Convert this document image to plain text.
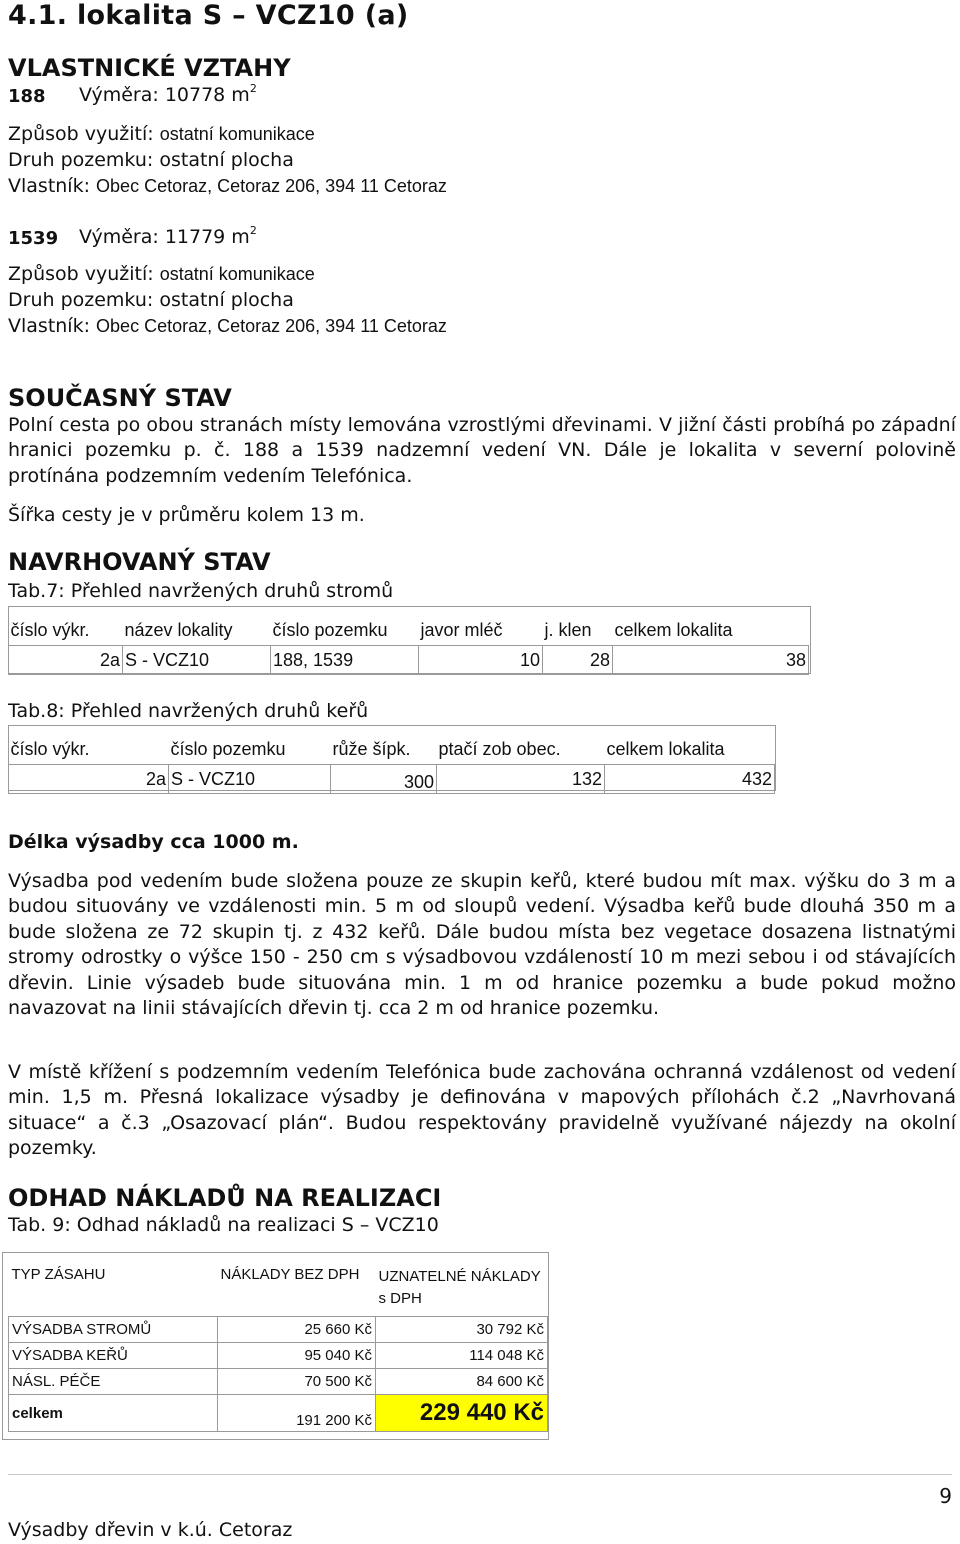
4.1. lokalita S – VCZ10 (a)
VLASTNICKÉ VZTAHY
188 Výměra: 10778 $m^2$
Způsob využití: ostatní komunikace
Druh pozemku: ostatní plocha
Vlastník: Obec Cetoraz, Cetoraz 206, 394 11 Cetoraz
1539 Výměra: 11779 $m^2$
Způsob využití: ostatní komunikace
Druh pozemku: ostatní plocha
Vlastník: Obec Cetoraz, Cetoraz 206, 394 11 Cetoraz
SOUČASNÝ STAV
Polní cesta po obou stranách místy lemována vzrostlými dřevinami. V jižní části probíhá po západní hranici pozemku p. č. 188 a 1539 nadzemní vedení VN. Dále je lokalita v severní polovině protínána podzemním vedením Telefónica.
Šířka cesty je v průměru kolem 13 m.
NAVRHOVANÝ STAV
Tab.7: Přehled navržených druhů stromů
číslo výkr.	název lokality	číslo pozemku	javor mléč	j. klen	celkem lokalita
2a	S - VCZ10	188, 1539	10	28	38
Tab.8: Přehled navržených druhů keřů
číslo výkr.	číslo pozemku	růže šípk.	ptačí zob obec.	celkem lokalita
2a	S - VCZ10	300	132	432
Délka výsadby cca 1000 m.
Výsadba pod vedením bude složena pouze ze skupin keřů, které budou mít max. výšku do 3 m a budou situovány ve vzdálenosti min. 5 m od sloupů vedení. Výsadba keřů bude dlouhá 350 m a bude složena ze 72 skupin tj. z 432 keřů. Dále budou místa bez vegetace dosazena listnatými stromy odrostky o výšce 150 - 250 cm s výsadbovou vzdáleností 10 m mezi sebou i od stávajících dřevin. Linie výsadeb bude situována min. 1 m od hranice pozemku a bude pokud možno navazovat na linii stávajících dřevin tj. cca 2 m od hranice pozemku.
V místě křížení s podzemním vedením Telefónica bude zachována ochranná vzdálenost od vedení min. 1,5 m. Přesná lokalizace výsadby je definována v mapových přílohách č.2 „Navrhovaná situace“ a č.3 „Osazovací plán“. Budou respektovány pravidelně využívané nájezdy na okolní pozemky.
ODHAD NÁKLADŮ NA REALIZACI
Tab. 9: Odhad nákladů na realizaci S – VCZ10
TYP ZÁSAHU	NÁKLADY BEZ DPH	UZNATELNÉ NÁKLADY s DPH
VÝSADBA STROMŮ	25 660 Kč	30 792 Kč
VÝSADBA KEŘŮ	95 040 Kč	114 048 Kč
NÁSL. PÉČE	70 500 Kč	84 600 Kč
celkem	191 200 Kč	229 440 Kč
9
Výsadby dřevin v k.ú. Cetoraz
